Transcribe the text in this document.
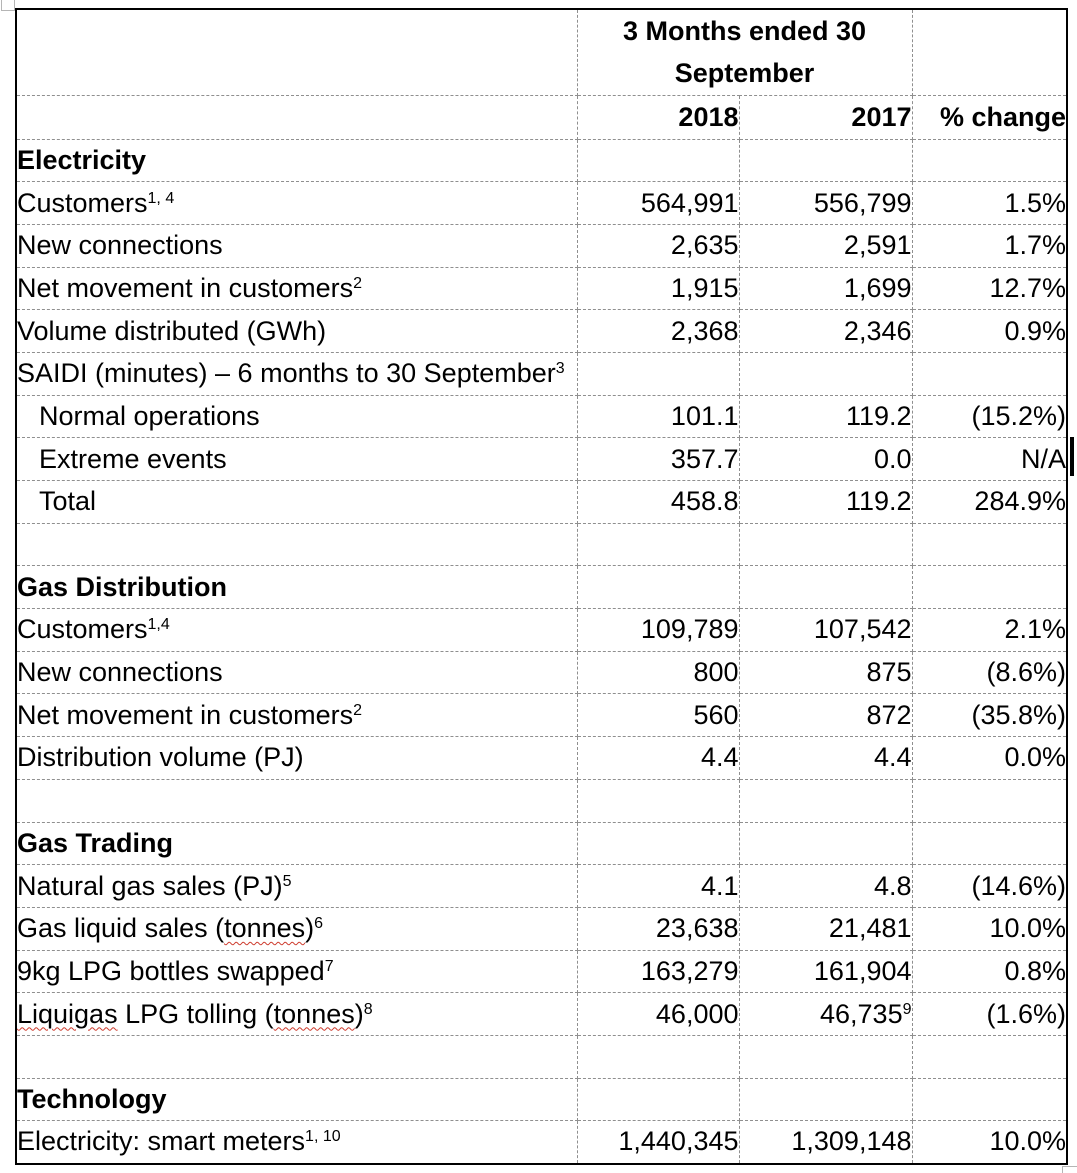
	3 Months ended 30
September		

	2018	2017	% change
Electricity			
Customers$^{1, 4}$	564,991	556,799	1.5%
New connections	2,635	2,591	1.7%
Net movement in customers$^2$	1,915	1,699	12.7%
Volume distributed (GWh)	2,368	2,346	0.9%
SAIDI (minutes) – 6 months to 30 September$^3$			
Normal operations	101.1	119.2	(15.2%)
Extreme events	357.7	0.0	N/A
Total	458.8	119.2	284.9%

Gas Distribution			
Customers$^{1,4}$	109,789	107,542	2.1%
New connections	800	875	(8.6%)
Net movement in customers$^2$	560	872	(35.8%)
Distribution volume (PJ)	4.4	4.4	0.0%

Gas Trading			
Natural gas sales (PJ)$^5$	4.1	4.8	(14.6%)
Gas liquid sales (tonnes)$^6$	23,638	21,481	10.0%
9kg LPG bottles swapped$^7$	163,279	161,904	0.8%
Liquigas LPG tolling (tonnes)$^8$	46,000	46,735$^9$	(1.6%)

Technology			
Electricity: smart meters$^{1, 10}$	1,440,345	1,309,148	10.0%
